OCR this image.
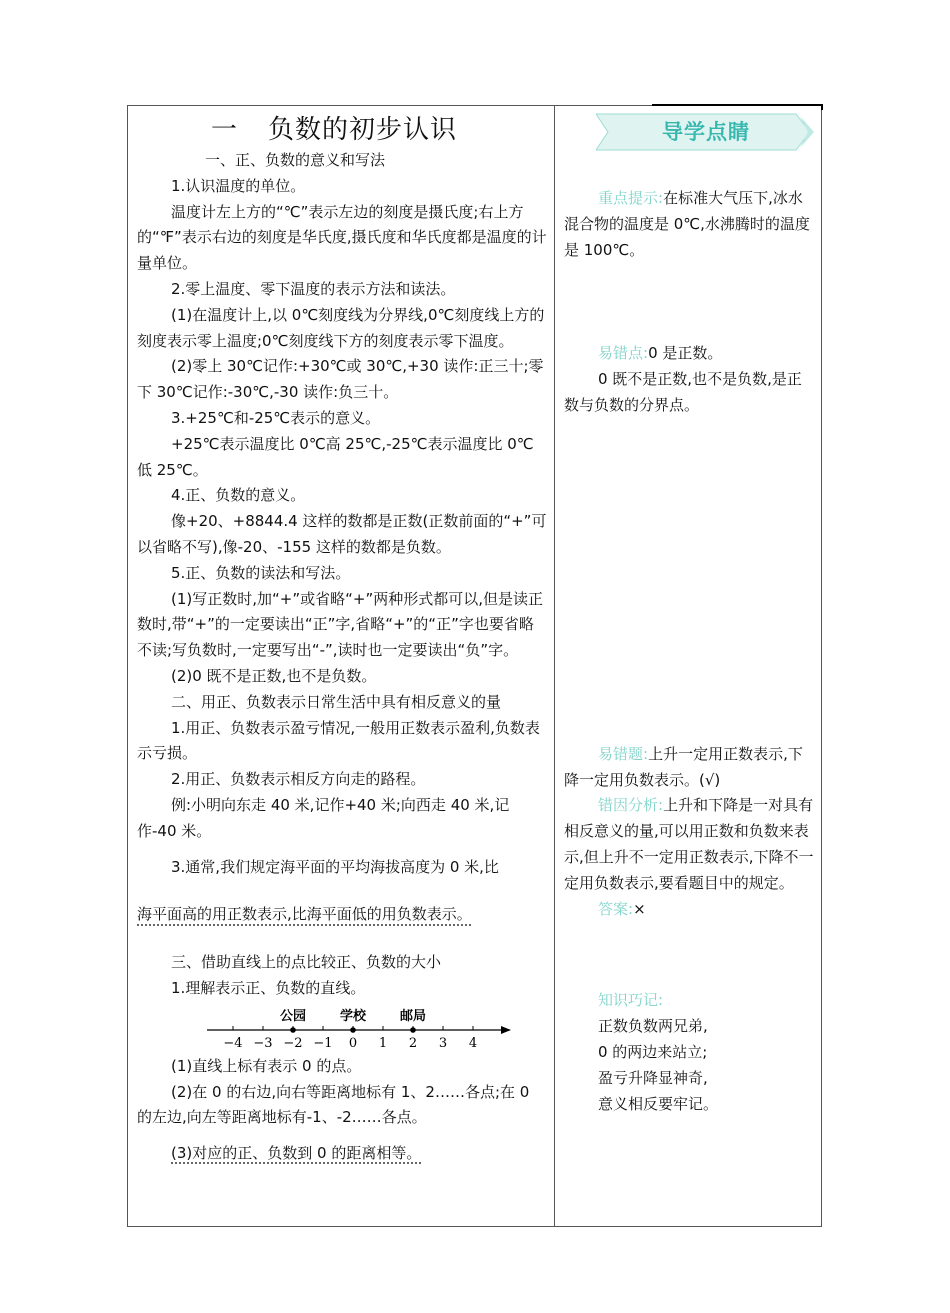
一 负数的初步认识

一、正、负数的意义和写法

1.认识温度的单位。

温度计左上方的“℃”表示左边的刻度是摄氏度;右上方的“℉”表示右边的刻度是华氏度,摄氏度和华氏度都是温度的计量单位。

2.零上温度、零下温度的表示方法和读法。

(1)在温度计上,以 0℃刻度线为分界线,0℃刻度线上方的刻度表示零上温度;0℃刻度线下方的刻度表示零下温度。

(2)零上 30℃记作:+30℃或 30℃,+30 读作:正三十;零下 30℃记作:-30℃,-30 读作:负三十。

3.+25℃和-25℃表示的意义。

+25℃表示温度比 0℃高 25℃,-25℃表示温度比 0℃低 25℃。

4.正、负数的意义。

像+20、+8844.4 这样的数都是正数(正数前面的“+”可以省略不写),像-20、-155 这样的数都是负数。

5.正、负数的读法和写法。

(1)写正数时,加“+”或省略“+”两种形式都可以,但是读正数时,带“+”的一定要读出“正”字,省略“+”的“正”字也要省略不读;写负数时,一定要写出“-”,读时也一定要读出“负”字。

(2)0 既不是正数,也不是负数。

二、用正、负数表示日常生活中具有相反意义的量

1.用正、负数表示盈亏情况,一般用正数表示盈利,负数表示亏损。

2.用正、负数表示相反方向走的路程。

例:小明向东走 40 米,记作+40 米;向西走 40 米,记作-40 米。

3.通常,我们规定海平面的平均海拔高度为 0 米,比

海平面高的用正数表示,比海平面低的用负数表示。

三、借助直线上的点比较正、负数的大小

1.理解表示正、负数的直线。

−4 −3 −2 −1 0 1 2 3 4
公园	学校	邮局

(1)直线上标有表示 0 的点。

(2)在 0 的右边,向右等距离地标有 1、2……各点;在 0 的左边,向左等距离地标有-1、-2……各点。

(3)对应的正、负数到 0 的距离相等。

导学点睛

重点提示:在标准大气压下,冰水混合物的温度是 0℃,水沸腾时的温度是 100℃。

易错点:0 是正数。

0 既不是正数,也不是负数,是正数与负数的分界点。

易错题:上升一定用正数表示,下降一定用负数表示。(√)

错因分析:上升和下降是一对具有相反意义的量,可以用正数和负数来表示,但上升不一定用正数表示,下降不一定用负数表示,要看题目中的规定。

答案:×

知识巧记:

正数负数两兄弟,

0 的两边来站立;

盈亏升降显神奇,

意义相反要牢记。
